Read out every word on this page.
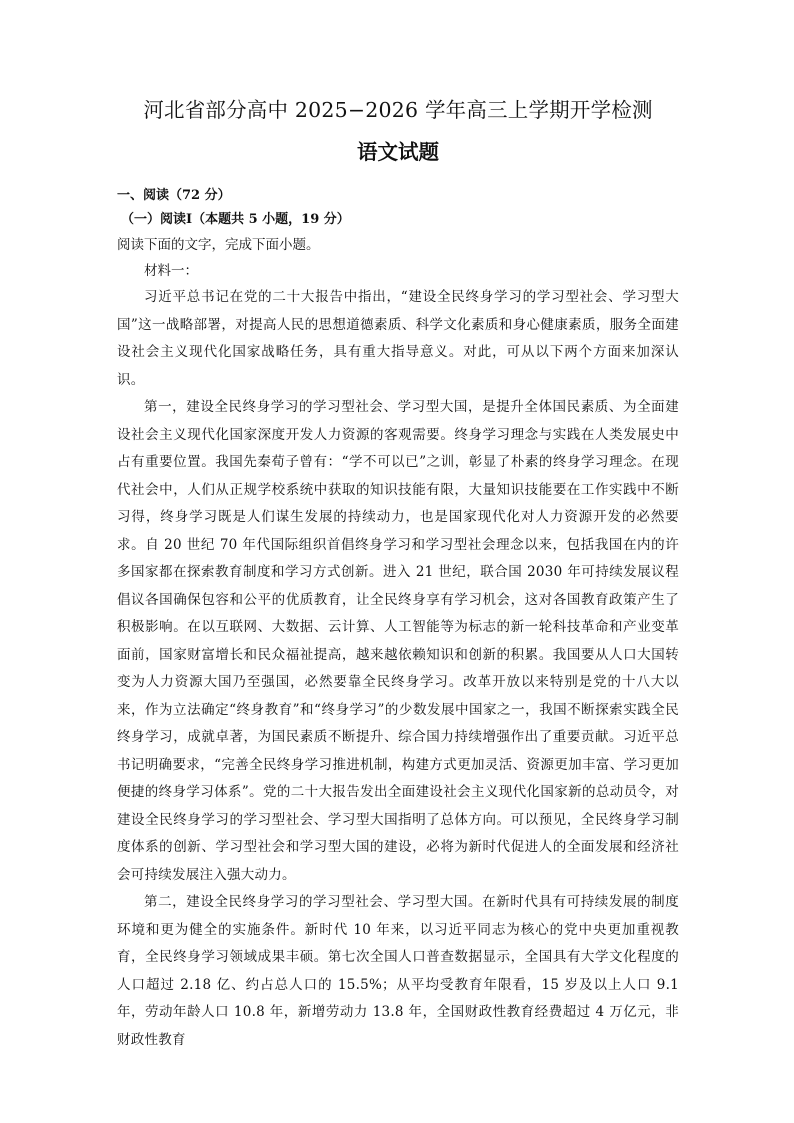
河北省部分高中 2025−2026 学年高三上学期开学检测
语文试题

一、阅读（72 分）

（一）阅读Ⅰ（本题共 5 小题，19 分）

阅读下面的文字，完成下面小题。

材料一：

习近平总书记在党的二十大报告中指出，“建设全民终身学习的学习型社会、学习型大国”这一战略部署，对提高人民的思想道德素质、科学文化素质和身心健康素质，服务全面建设社会主义现代化国家战略任务，具有重大指导意义。对此，可从以下两个方面来加深认识。

第一，建设全民终身学习的学习型社会、学习型大国，是提升全体国民素质、为全面建设社会主义现代化国家深度开发人力资源的客观需要。终身学习理念与实践在人类发展史中占有重要位置。我国先秦荀子曾有：“学不可以已”之训，彰显了朴素的终身学习理念。在现代社会中，人们从正规学校系统中获取的知识技能有限，大量知识技能要在工作实践中不断习得，终身学习既是人们谋生发展的持续动力，也是国家现代化对人力资源开发的必然要求。自 20 世纪 70 年代国际组织首倡终身学习和学习型社会理念以来，包括我国在内的许多国家都在探索教育制度和学习方式创新。进入 21 世纪，联合国 2030 年可持续发展议程倡议各国确保包容和公平的优质教育，让全民终身享有学习机会，这对各国教育政策产生了积极影响。在以互联网、大数据、云计算、人工智能等为标志的新一轮科技革命和产业变革面前，国家财富增长和民众福祉提高，越来越依赖知识和创新的积累。我国要从人口大国转变为人力资源大国乃至强国，必然要靠全民终身学习。改革开放以来特别是党的十八大以来，作为立法确定“终身教育”和“终身学习”的少数发展中国家之一，我国不断探索实践全民终身学习，成就卓著，为国民素质不断提升、综合国力持续增强作出了重要贡献。习近平总书记明确要求，“完善全民终身学习推进机制，构建方式更加灵活、资源更加丰富、学习更加便捷的终身学习体系”。党的二十大报告发出全面建设社会主义现代化国家新的总动员令，对建设全民终身学习的学习型社会、学习型大国指明了总体方向。可以预见，全民终身学习制度体系的创新、学习型社会和学习型大国的建设，必将为新时代促进人的全面发展和经济社会可持续发展注入强大动力。

第二，建设全民终身学习的学习型社会、学习型大国。在新时代具有可持续发展的制度环境和更为健全的实施条件。新时代 10 年来，以习近平同志为核心的党中央更加重视教育，全民终身学习领域成果丰硕。第七次全国人口普查数据显示，全国具有大学文化程度的人口超过 2.18 亿、约占总人口的 15.5%；从平均受教育年限看，15 岁及以上人口 9.1 年，劳动年龄人口 10.8 年，新增劳动力 13.8 年，全国财政性教育经费超过 4 万亿元，非财政性教育
